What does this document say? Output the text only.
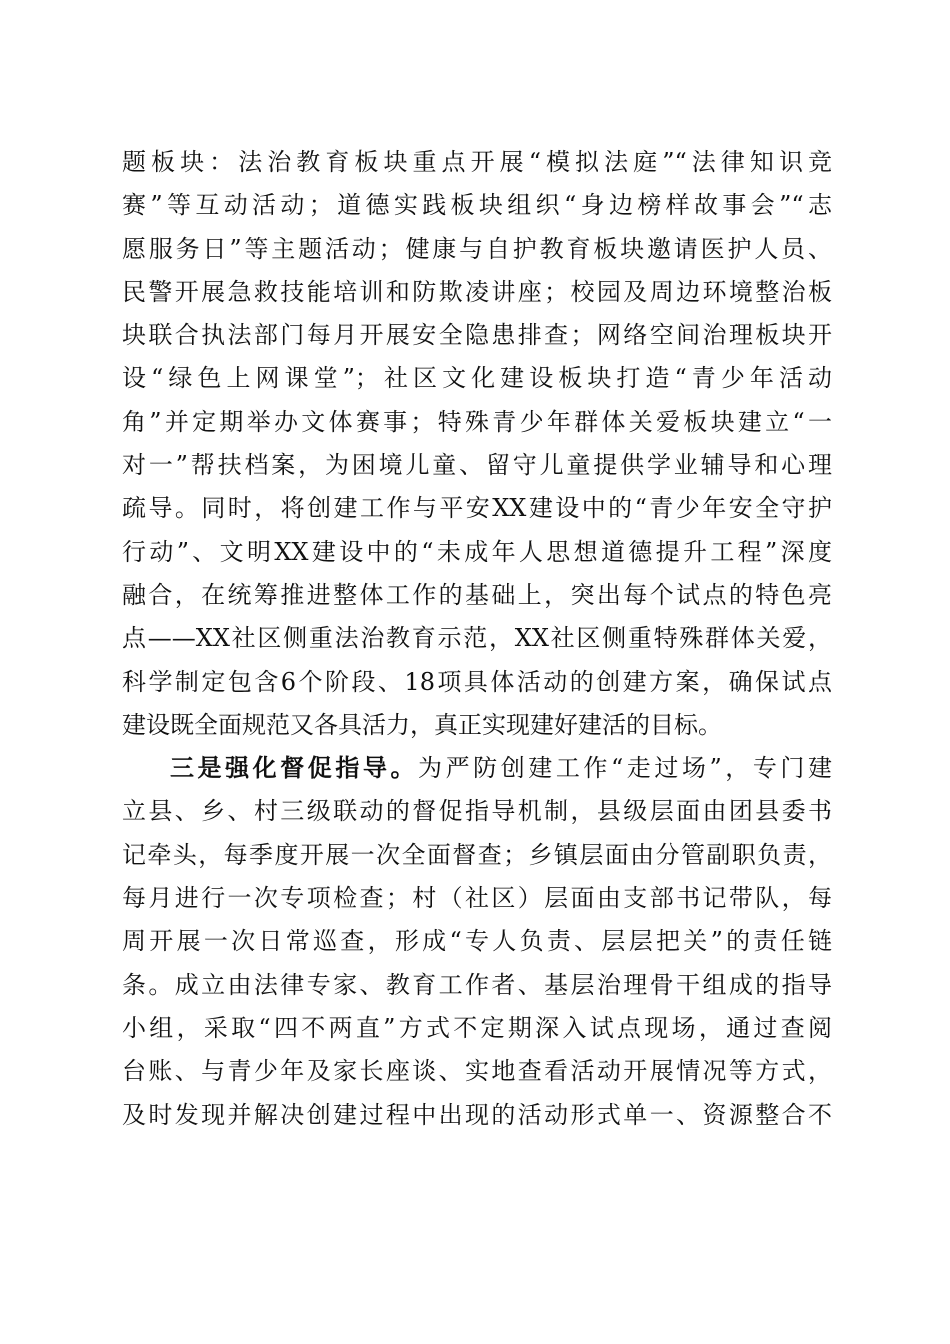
题板块：法治教育板块重点开展“模拟法庭”“法律知识竞
赛”等互动活动；道德实践板块组织“身边榜样故事会”“志
愿服务日”等主题活动；健康与自护教育板块邀请医护人员、
民警开展急救技能培训和防欺凌讲座；校园及周边环境整治板
块联合执法部门每月开展安全隐患排查；网络空间治理板块开
设“绿色上网课堂”；社区文化建设板块打造“青少年活动
角”并定期举办文体赛事；特殊青少年群体关爱板块建立“一
对一”帮扶档案，为困境儿童、留守儿童提供学业辅导和心理
疏导。同时，将创建工作与平安XX建设中的“青少年安全守护
行动”、文明XX建设中的“未成年人思想道德提升工程”深度
融合，在统筹推进整体工作的基础上，突出每个试点的特色亮
点——XX社区侧重法治教育示范，XX社区侧重特殊群体关爱，
科学制定包含6个阶段、18项具体活动的创建方案，确保试点
建设既全面规范又各具活力，真正实现建好建活的目标。
三是强化督促指导。为严防创建工作“走过场”，专门建
立县、乡、村三级联动的督促指导机制，县级层面由团县委书
记牵头，每季度开展一次全面督查；乡镇层面由分管副职负责，
每月进行一次专项检查；村（社区）层面由支部书记带队，每
周开展一次日常巡查，形成“专人负责、层层把关”的责任链
条。成立由法律专家、教育工作者、基层治理骨干组成的指导
小组，采取“四不两直”方式不定期深入试点现场，通过查阅
台账、与青少年及家长座谈、实地查看活动开展情况等方式，
及时发现并解决创建过程中出现的活动形式单一、资源整合不
